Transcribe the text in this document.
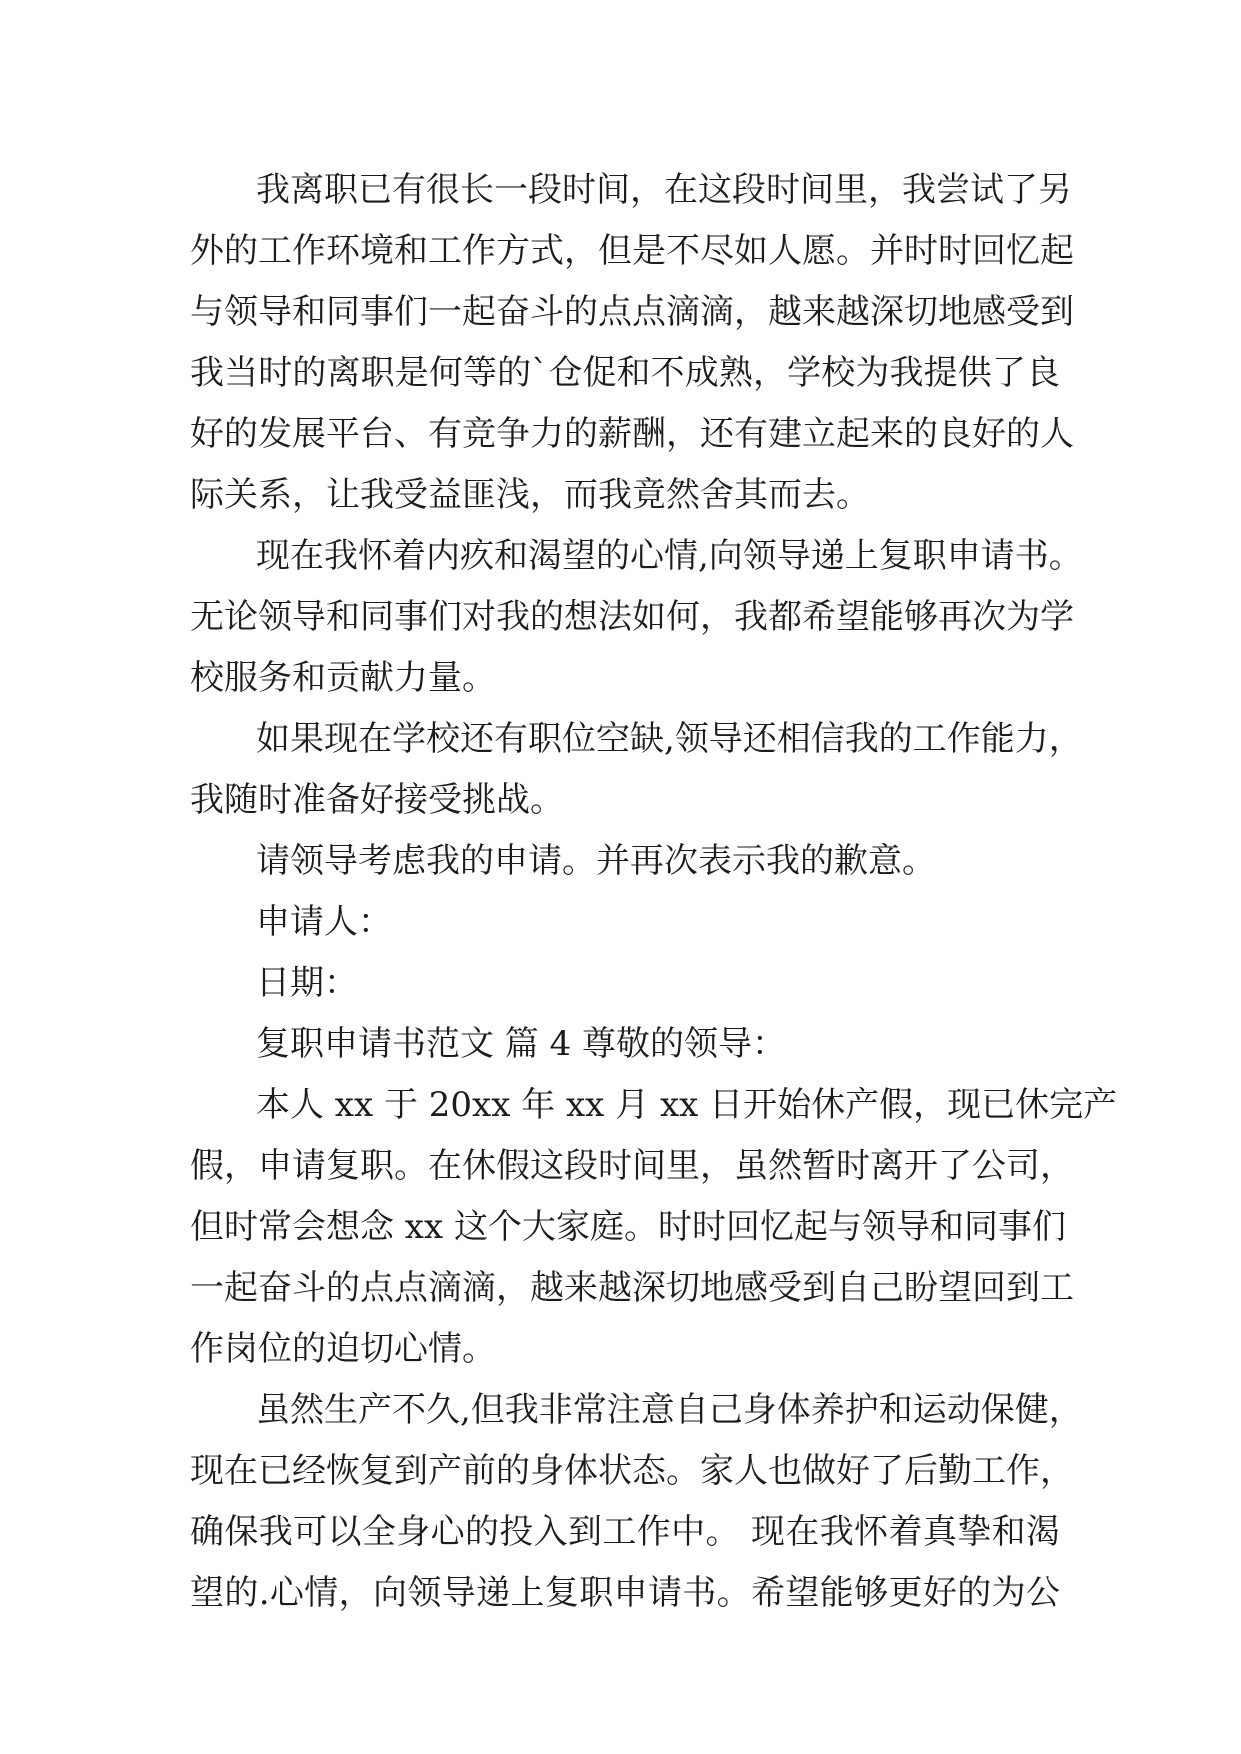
我离职已有很长一段时间，在这段时间里，我尝试了另
外的工作环境和工作方式，但是不尽如人愿。并时时回忆起
与领导和同事们一起奋斗的点点滴滴，越来越深切地感受到
我当时的离职是何等的`仓促和不成熟，学校为我提供了良
好的发展平台、有竞争力的薪酬，还有建立起来的良好的人
际关系，让我受益匪浅，而我竟然舍其而去。
现在我怀着内疚和渴望的心情,向领导递上复职申请书。
无论领导和同事们对我的想法如何，我都希望能够再次为学
校服务和贡献力量。
如果现在学校还有职位空缺,领导还相信我的工作能力，
我随时准备好接受挑战。
请领导考虑我的申请。并再次表示我的歉意。
申请人：
日期：
复职申请书范文 篇 4 尊敬的领导：
本人 xx 于 20xx 年 xx 月 xx 日开始休产假，现已休完产
假，申请复职。在休假这段时间里，虽然暂时离开了公司，
但时常会想念 xx 这个大家庭。时时回忆起与领导和同事们
一起奋斗的点点滴滴，越来越深切地感受到自己盼望回到工
作岗位的迫切心情。
虽然生产不久,但我非常注意自己身体养护和运动保健，
现在已经恢复到产前的身体状态。家人也做好了后勤工作，
确保我可以全身心的投入到工作中。 现在我怀着真挚和渴
望的.心情，向领导递上复职申请书。希望能够更好的为公
